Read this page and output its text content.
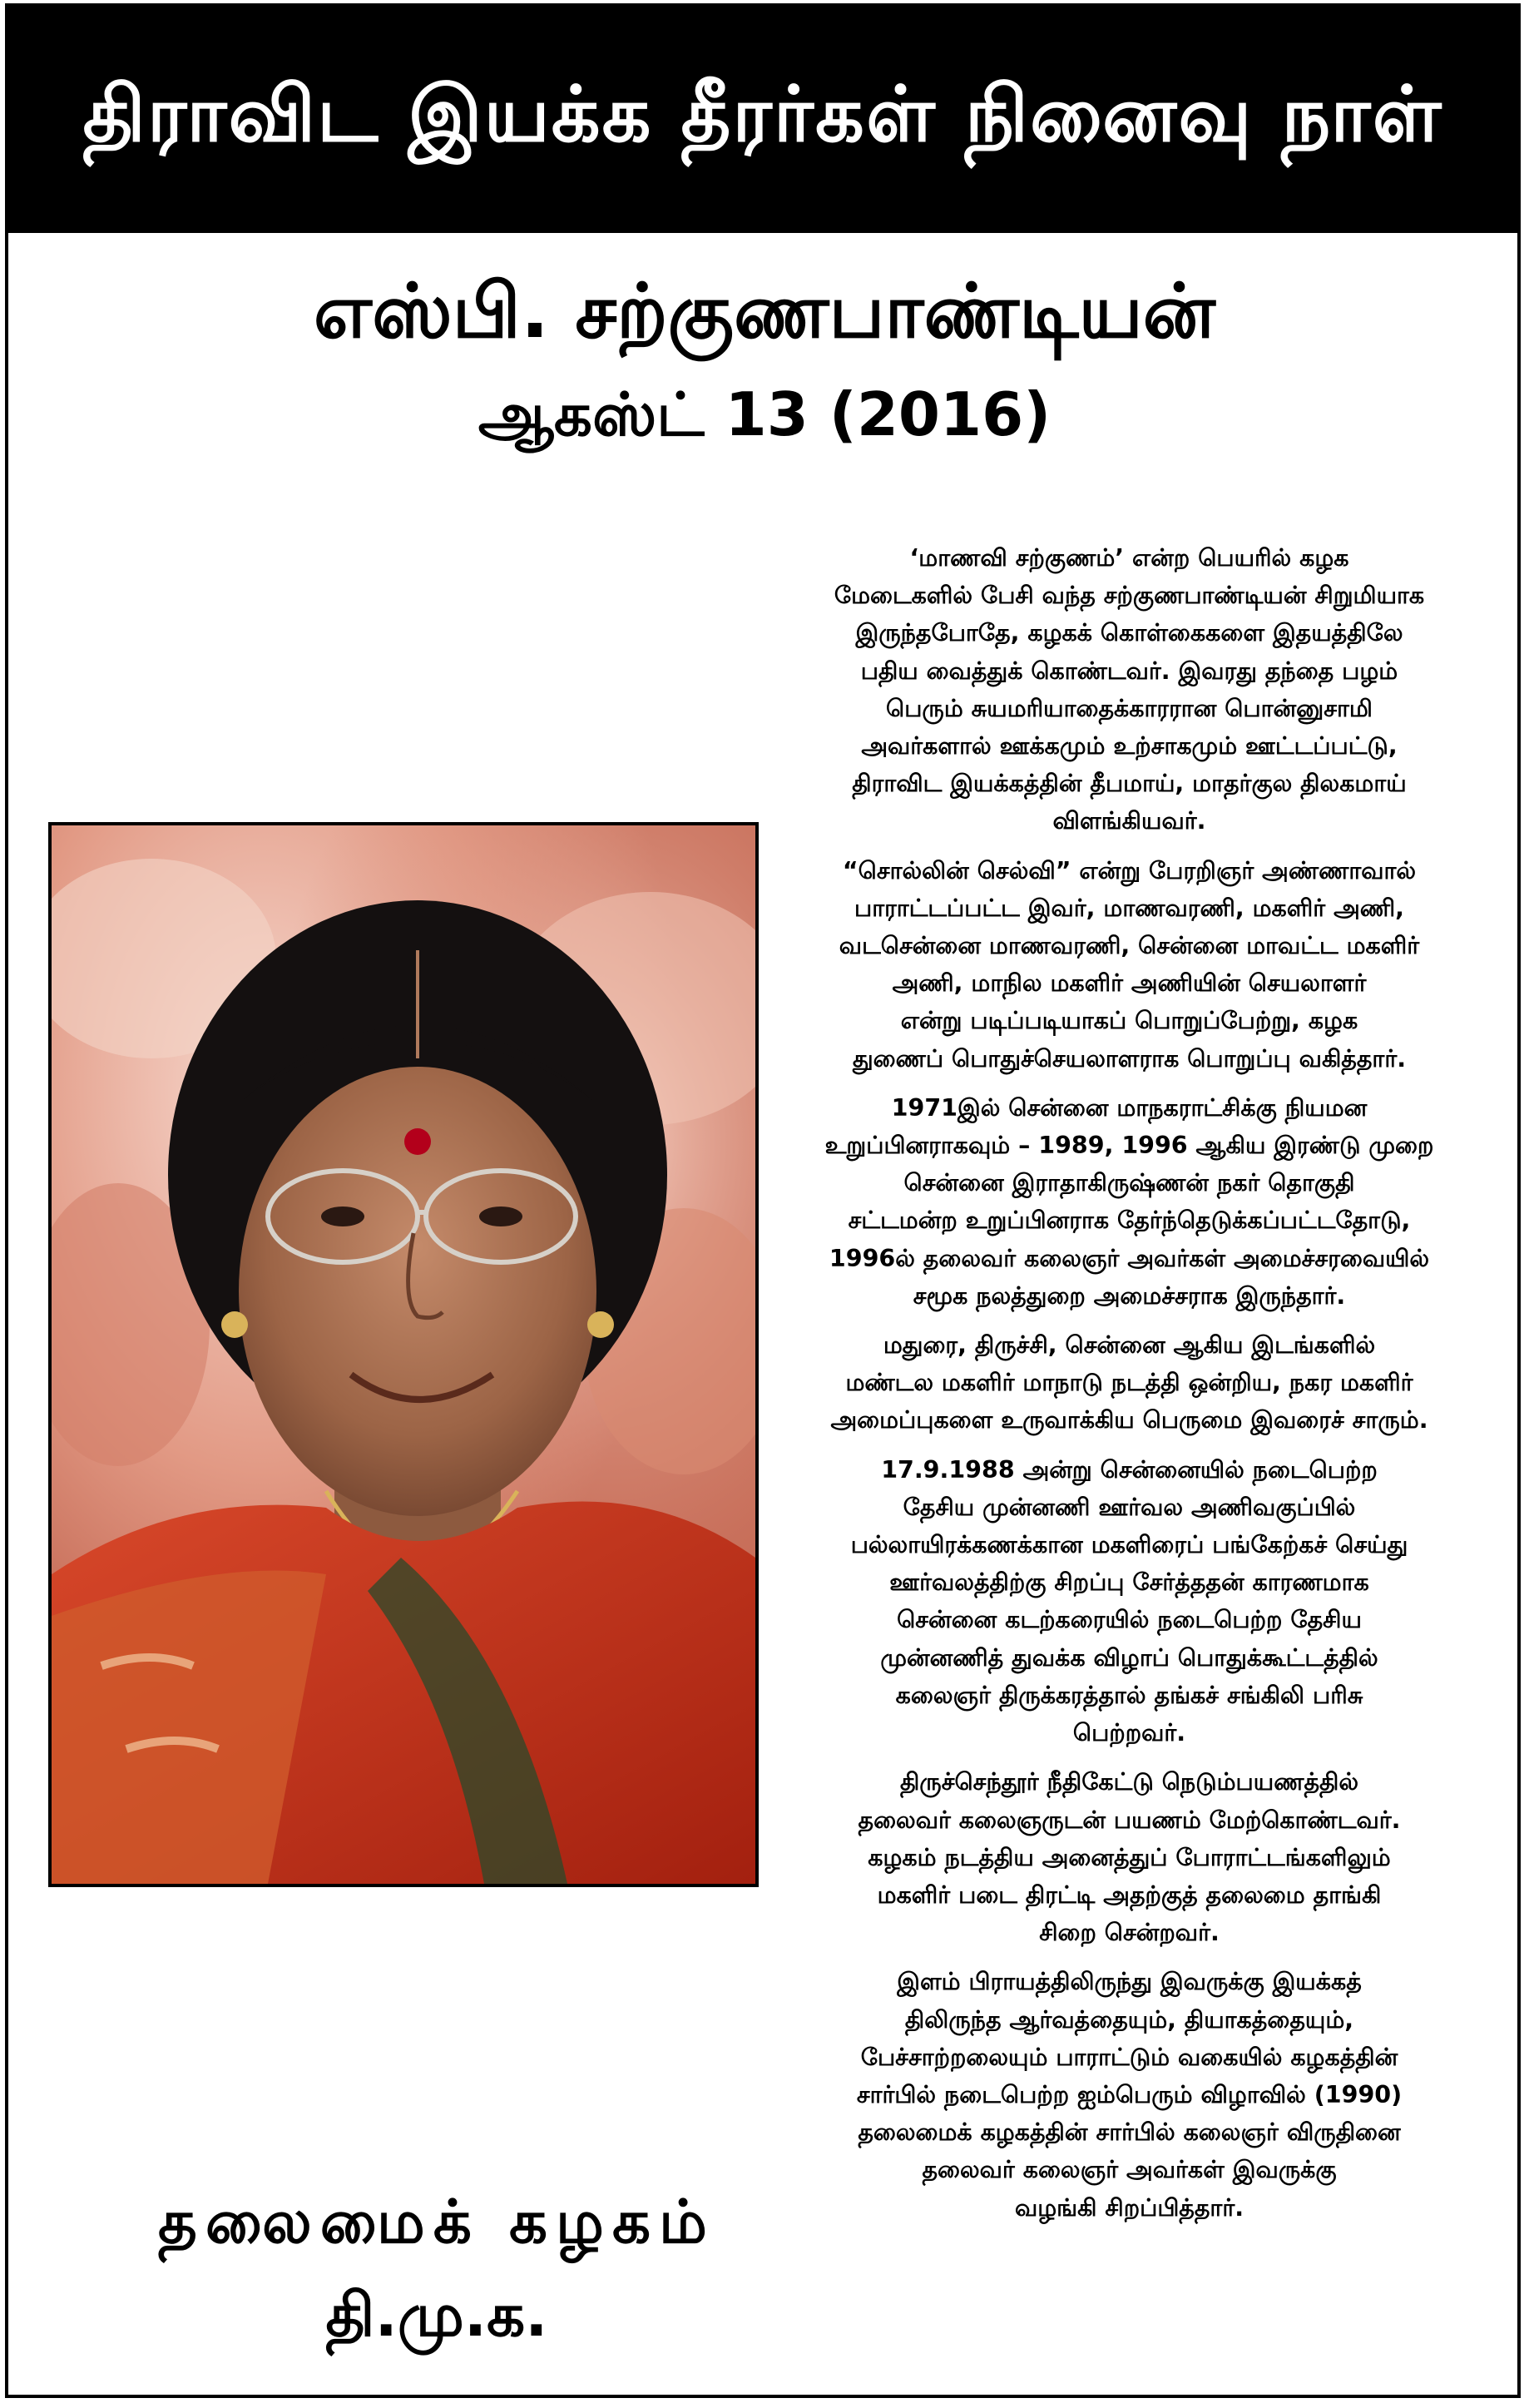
திராவிட இயக்க தீரர்கள் நினைவு நாள்
எஸ்பி. சற்குணபாண்டியன்
ஆகஸ்ட் 13 (2016)

‘மாணவி சற்குணம்’ என்ற பெயரில் கழக
மேடைகளில் பேசி வந்த சற்குணபாண்டியன் சிறுமியாக
இருந்தபோதே, கழகக் கொள்கைகளை இதயத்திலே
பதிய வைத்துக் கொண்டவர். இவரது தந்தை பழம்
பெரும் சுயமரியாதைக்காரரான பொன்னுசாமி
அவர்களால் ஊக்கமும் உற்சாகமும் ஊட்டப்பட்டு,
திராவிட இயக்கத்தின் தீபமாய், மாதர்குல திலகமாய்
விளங்கியவர்.

“சொல்லின் செல்வி” என்று பேரறிஞர் அண்ணாவால்
பாராட்டப்பட்ட இவர், மாணவரணி, மகளிர் அணி,
வடசென்னை மாணவரணி, சென்னை மாவட்ட மகளிர்
அணி, மாநில மகளிர் அணியின் செயலாளர்
என்று படிப்படியாகப் பொறுப்பேற்று, கழக
துணைப் பொதுச்செயலாளராக பொறுப்பு வகித்தார்.

1971இல் சென்னை மாநகராட்சிக்கு நியமன
உறுப்பினராகவும் – 1989, 1996 ஆகிய இரண்டு முறை
சென்னை இராதாகிருஷ்ணன் நகர் தொகுதி
சட்டமன்ற உறுப்பினராக தேர்ந்தெடுக்கப்பட்டதோடு,
1996ல் தலைவர் கலைஞர் அவர்கள் அமைச்சரவையில்
சமூக நலத்துறை அமைச்சராக இருந்தார்.

மதுரை, திருச்சி, சென்னை ஆகிய இடங்களில்
மண்டல மகளிர் மாநாடு நடத்தி ஒன்றிய, நகர மகளிர்
அமைப்புகளை உருவாக்கிய பெருமை இவரைச் சாரும்.

17.9.1988 அன்று சென்னையில் நடைபெற்ற
தேசிய முன்னணி ஊர்வல அணிவகுப்பில்
பல்லாயிரக்கணக்கான மகளிரைப் பங்கேற்கச் செய்து
ஊர்வலத்திற்கு சிறப்பு சேர்த்ததன் காரணமாக
சென்னை கடற்கரையில் நடைபெற்ற தேசிய
முன்னணித் துவக்க விழாப் பொதுக்கூட்டத்தில்
கலைஞர் திருக்கரத்தால் தங்கச் சங்கிலி பரிசு
பெற்றவர்.

திருச்செந்தூர் நீதிகேட்டு நெடும்பயணத்தில்
தலைவர் கலைஞருடன் பயணம் மேற்கொண்டவர்.
கழகம் நடத்திய அனைத்துப் போராட்டங்களிலும்
மகளிர் படை திரட்டி அதற்குத் தலைமை தாங்கி
சிறை சென்றவர்.

இளம் பிராயத்திலிருந்து இவருக்கு இயக்கத்
திலிருந்த ஆர்வத்தையும், தியாகத்தையும்,
பேச்சாற்றலையும் பாராட்டும் வகையில் கழகத்தின்
சார்பில் நடைபெற்ற ஐம்பெரும் விழாவில் (1990)
தலைமைக் கழகத்தின் சார்பில் கலைஞர் விருதினை
தலைவர் கலைஞர் அவர்கள் இவருக்கு
வழங்கி சிறப்பித்தார்.

தலைமைக் கழகம்
தி.மு.க.
